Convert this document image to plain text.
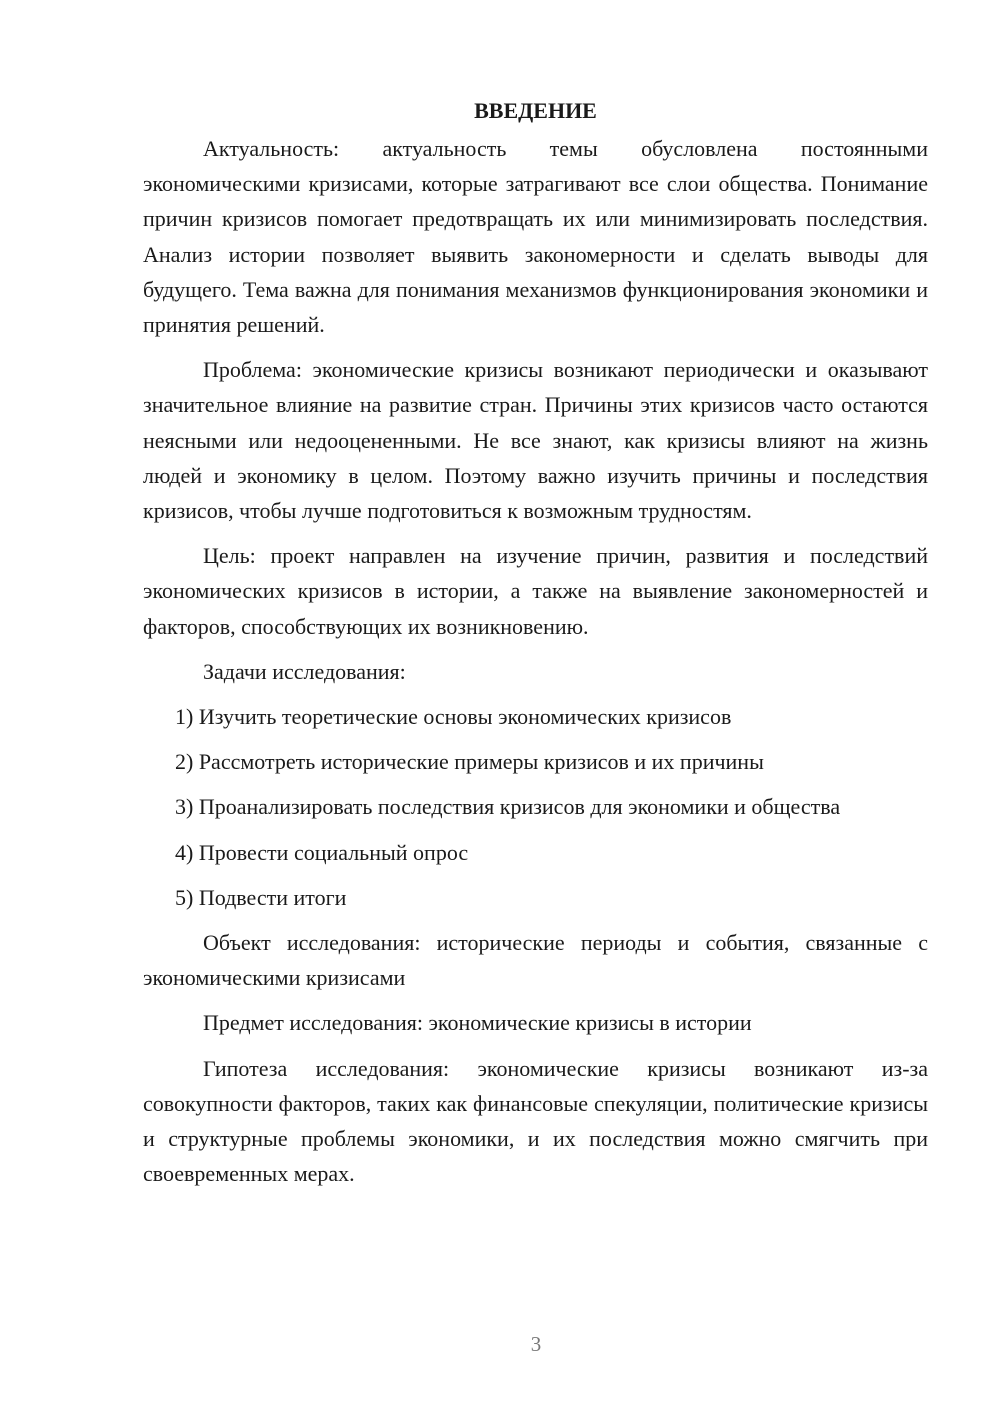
ВВЕДЕНИЕ

Актуальность: актуальность темы обусловлена постоянными экономическими кризисами, которые затрагивают все слои общества. Понимание причин кризисов помогает предотвращать их или минимизировать последствия. Анализ истории позволяет выявить закономерности и сделать выводы для будущего. Тема важна для понимания механизмов функционирования экономики и принятия решений.

Проблема: экономические кризисы возникают периодически и оказывают значительное влияние на развитие стран. Причины этих кризисов часто остаются неясными или недооцененными. Не все знают, как кризисы влияют на жизнь людей и экономику в целом. Поэтому важно изучить причины и последствия кризисов, чтобы лучше подготовиться к возможным трудностям.

Цель: проект направлен на изучение причин, развития и последствий экономических кризисов в истории, а также на выявление закономерностей и факторов, способствующих их возникновению.

Задачи исследования:

1) Изучить теоретические основы экономических кризисов

2) Рассмотреть исторические примеры кризисов и их причины

3) Проанализировать последствия кризисов для экономики и общества

4) Провести социальный опрос

5) Подвести итоги

Объект исследования: исторические периоды и события, связанные с экономическими кризисами

Предмет исследования: экономические кризисы в истории

Гипотеза исследования: экономические кризисы возникают из-за совокупности факторов, таких как финансовые спекуляции, политические кризисы и структурные проблемы экономики, и их последствия можно смягчить при своевременных мерах.

3
